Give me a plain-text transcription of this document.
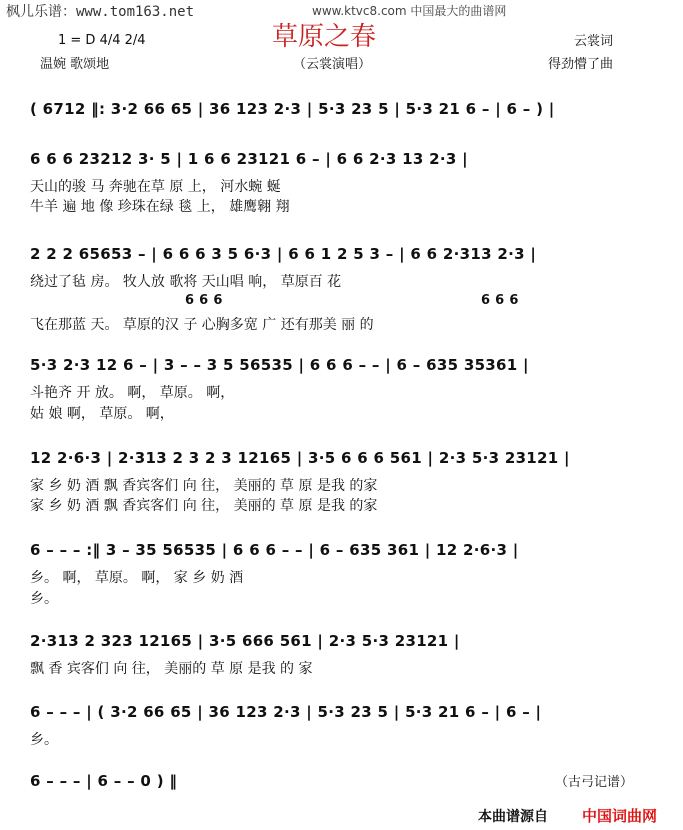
枫儿乐谱：www.tom163.net	www.ktvc8.com 中国最大的曲谱网
草原之春
1 = D 4/4 2/4	云裳词
温婉 歌颂地	（云裳演唱）	得劲懵了曲
( 6712 ‖: 3·2 66 65 | 36 123 2·3 | 5·3 23 5 | 5·3 21 6 – | 6 – ) |
6 6 6 23212 3· 5 | 1 6 6 23121 6 – | 6 6 2·3 13 2·3 |
天山的骏 马 奔驰在草 原 上， 河水蜿 蜒
牛羊 遍 地 像 珍珠在绿 毯 上， 雄鹰翱 翔
2 2 2 65653 – | 6 6 6 3 5 6·3 | 6 6 1 2 5 3 – | 6 6 2·313 2·3 |
绕过了毡 房。 牧人放 歌将 天山唱 响， 草原百 花
6 6 6	6 6 6
飞在那蓝 天。 草原的汉 子 心胸多宽 广 还有那美 丽 的
5·3 2·3 12 6 – | 3 – – 3 5 56535 | 6 6 6 – – | 6 – 635 35361 |
斗艳齐 开 放。 啊， 草原。 啊，
姑 娘 啊， 草原。 啊，
12 2·6·3 | 2·313 2 3 2 3 12165 | 3·5 6 6 6 561 | 2·3 5·3 23121 |
家 乡 奶 酒 飘 香宾客们 向 往， 美丽的 草 原 是我 的家
家 乡 奶 酒 飘 香宾客们 向 往， 美丽的 草 原 是我 的家
6 – – – :‖ 3 – 35 56535 | 6 6 6 – – | 6 – 635 361 | 12 2·6·3 |
乡。 啊， 草原。 啊， 家 乡 奶 酒
乡。
2·313 2 323 12165 | 3·5 666 561 | 2·3 5·3 23121 |
飘 香 宾客们 向 往， 美丽的 草 原 是我 的 家
6 – – – | ( 3·2 66 65 | 36 123 2·3 | 5·3 23 5 | 5·3 21 6 – | 6 – |
乡。
6 – – – | 6 – – 0 ) ‖	（古弓记谱）
本曲谱源自 中国词曲网
